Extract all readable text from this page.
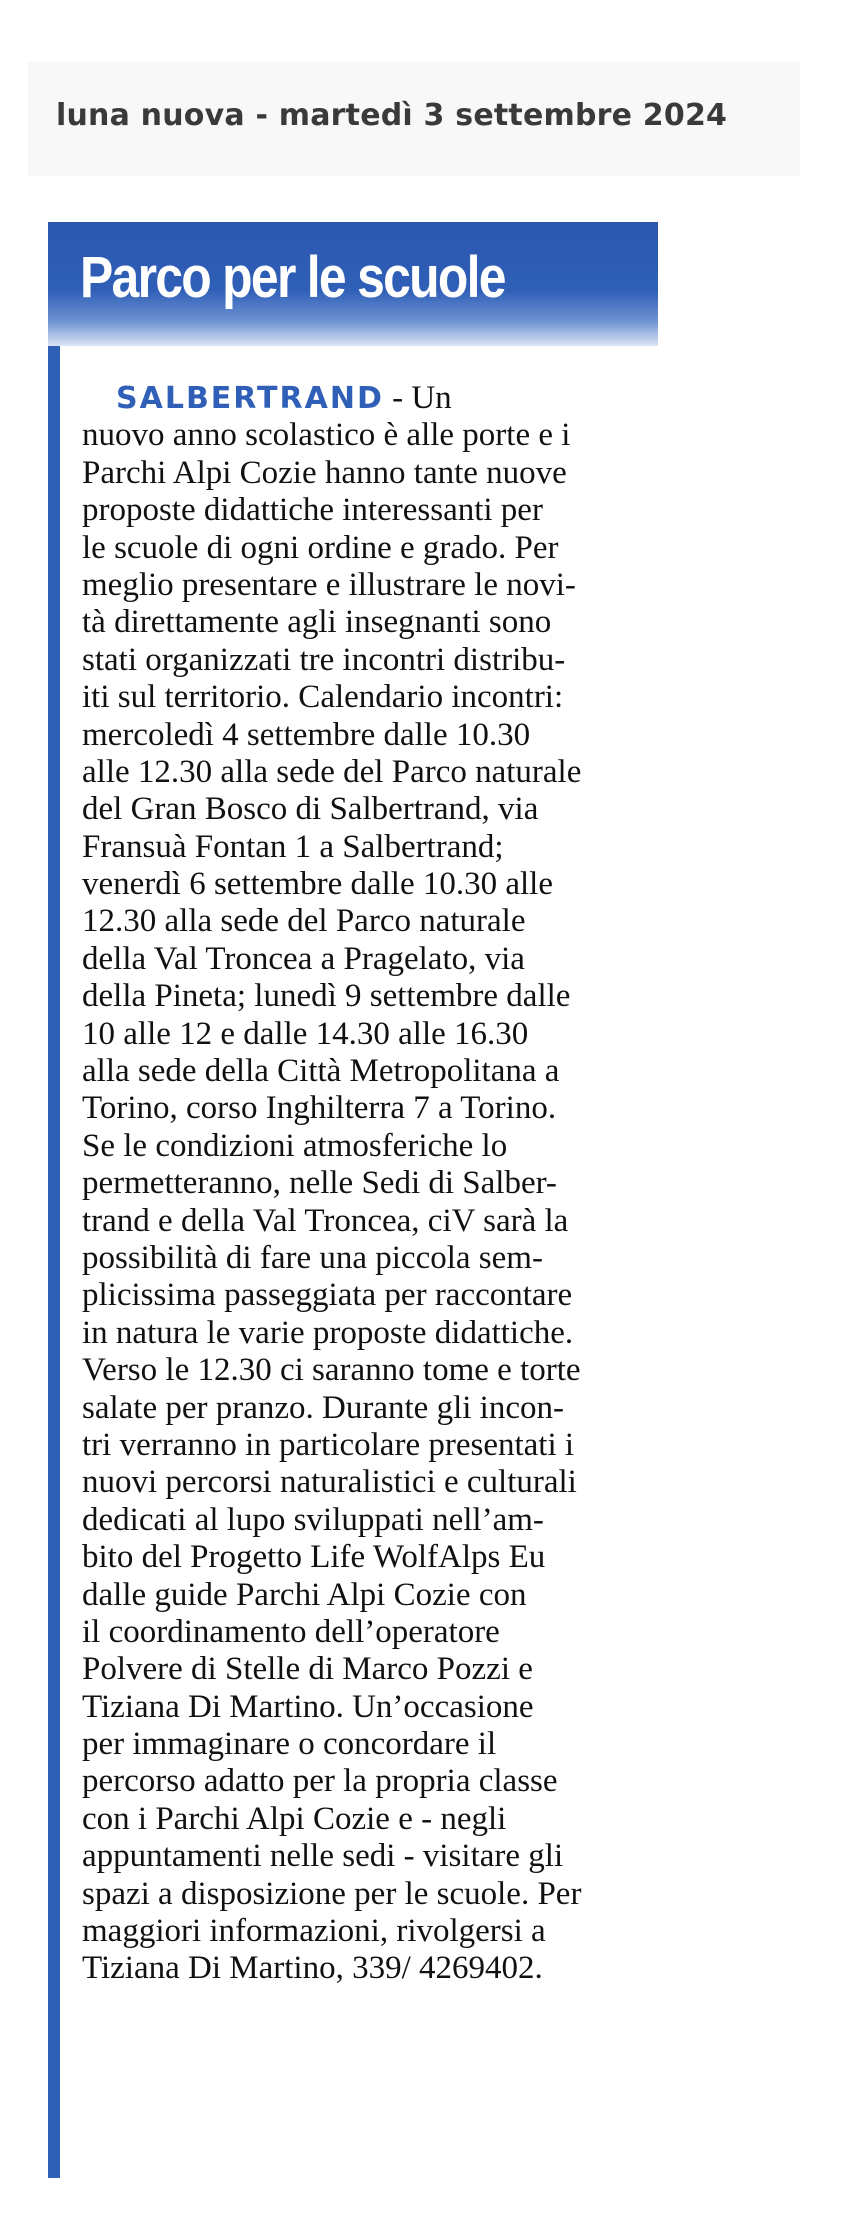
luna nuova - martedì 3 settembre 2024
Parco per le scuole
SALBERTRAND - Un
nuovo anno scolastico è alle porte e i
Parchi Alpi Cozie hanno tante nuove
proposte didattiche interessanti per
le scuole di ogni ordine e grado. Per
meglio presentare e illustrare le novi-
tà direttamente agli insegnanti sono
stati organizzati tre incontri distribu-
iti sul territorio. Calendario incontri:
mercoledì 4 settembre dalle 10.30
alle 12.30 alla sede del Parco naturale
del Gran Bosco di Salbertrand, via
Fransuà Fontan 1 a Salbertrand;
venerdì 6 settembre dalle 10.30 alle
12.30 alla sede del Parco naturale
della Val Troncea a Pragelato, via
della Pineta; lunedì 9 settembre dalle
10 alle 12 e dalle 14.30 alle 16.30
alla sede della Città Metropolitana a
Torino, corso Inghilterra 7 a Torino.
Se le condizioni atmosferiche lo
permetteranno, nelle Sedi di Salber-
trand e della Val Troncea, ciV sarà la
possibilità di fare una piccola sem-
plicissima passeggiata per raccontare
in natura le varie proposte didattiche.
Verso le 12.30 ci saranno tome e torte
salate per pranzo. Durante gli incon-
tri verranno in particolare presentati i
nuovi percorsi naturalistici e culturali
dedicati al lupo sviluppati nell’am-
bito del Progetto Life WolfAlps Eu
dalle guide Parchi Alpi Cozie con
il coordinamento dell’operatore
Polvere di Stelle di Marco Pozzi e
Tiziana Di Martino. Un’occasione
per immaginare o concordare il
percorso adatto per la propria classe
con i Parchi Alpi Cozie e - negli
appuntamenti nelle sedi - visitare gli
spazi a disposizione per le scuole. Per
maggiori informazioni, rivolgersi a
Tiziana Di Martino, 339/ 4269402.
